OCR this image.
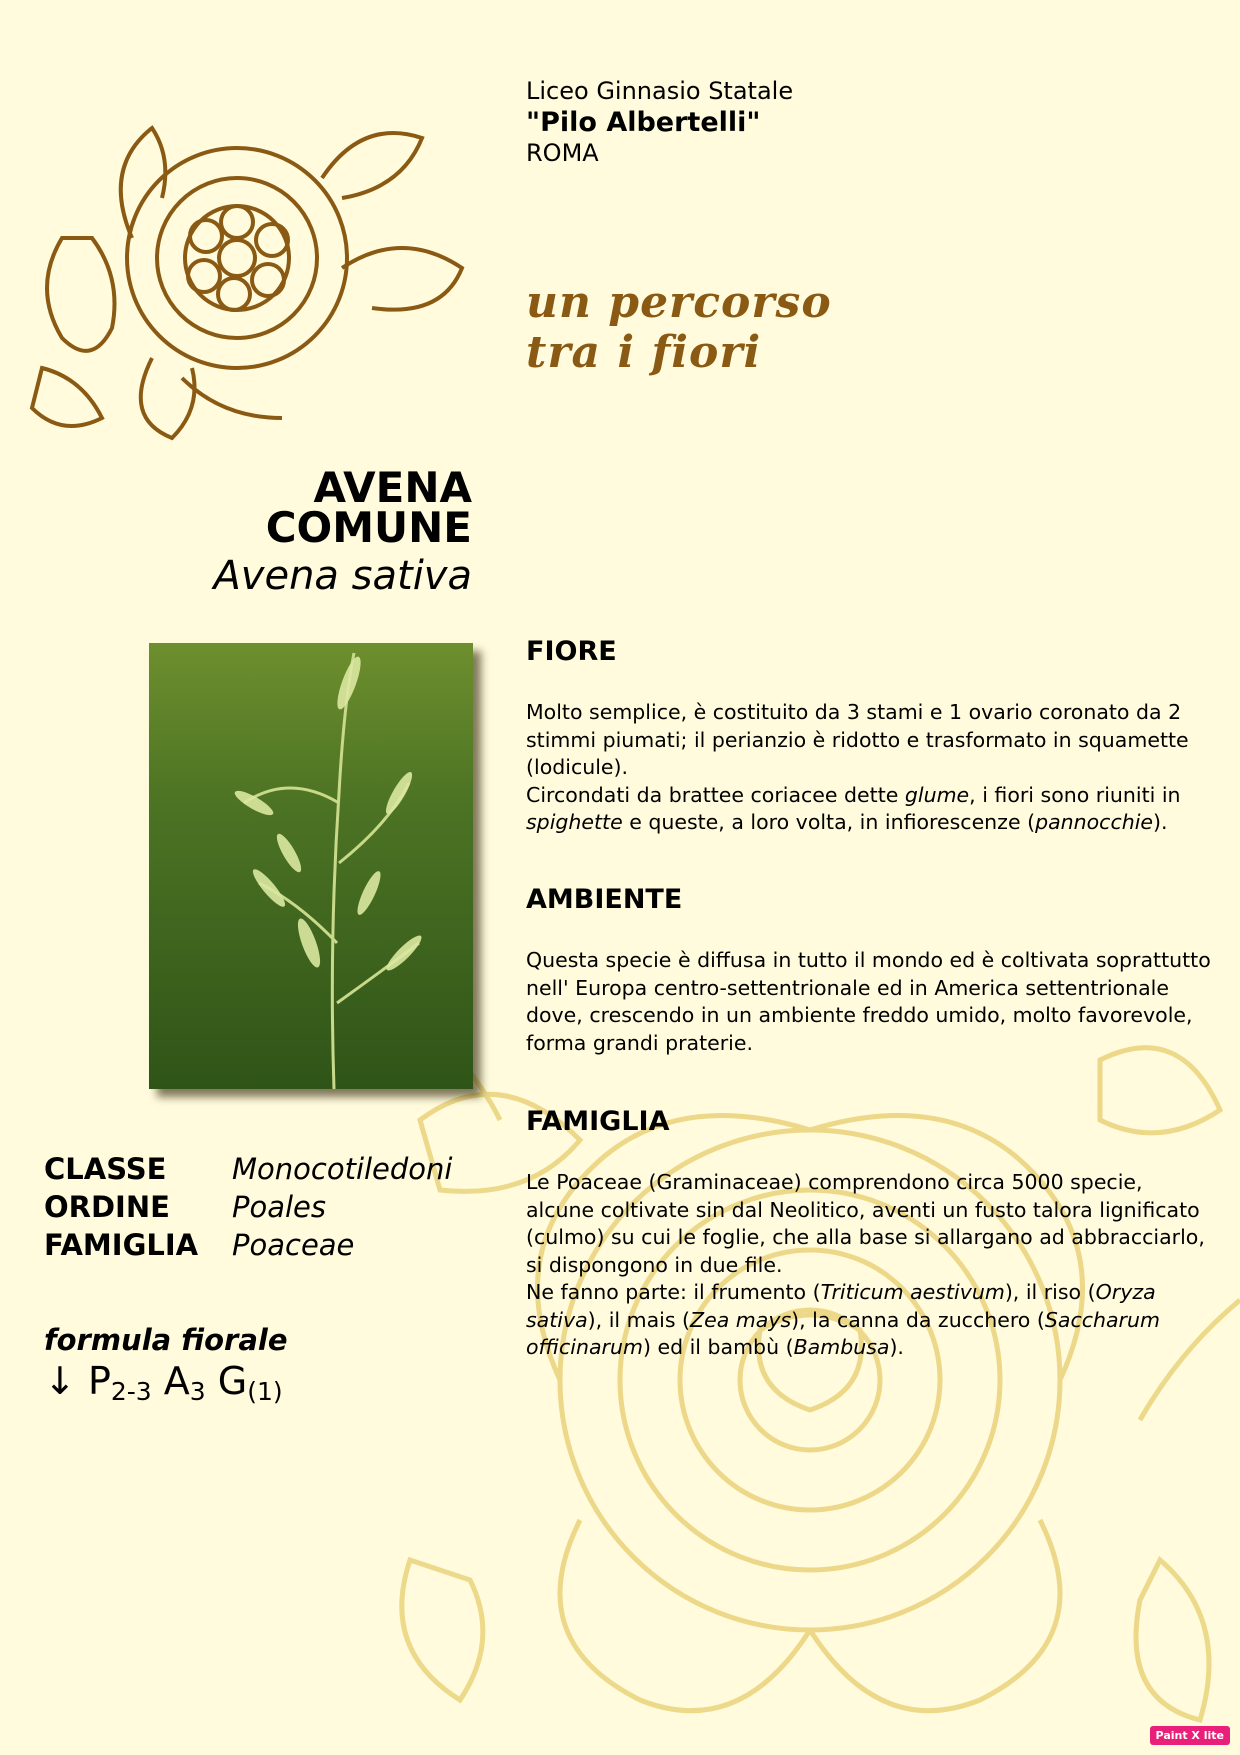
Liceo Ginnasio Statale
"Pilo Albertelli"
ROMA
un percorso
tra i fiori
AVENA
COMUNE
Avena sativa
FIORE

Molto semplice, è costituito da 3 stami e 1 ovario coronato da 2 stimmi piumati; il perianzio è ridotto e trasformato in squamette (lodicule).

Circondati da brattee coriacee dette glume, i fiori sono riuniti in spighette e queste, a loro volta, in infiorescenze (pannocchie).

AMBIENTE

Questa specie è diffusa in tutto il mondo ed è coltivata soprattutto nell' Europa centro-settentrionale ed in America settentrionale dove, crescendo in un ambiente freddo umido, molto favorevole, forma grandi praterie.

FAMIGLIA

Le Poaceae (Graminaceae) comprendono circa 5000 specie, alcune coltivate sin dal Neolitico, aventi un fusto talora lignificato (culmo) su cui le foglie, che alla base si allargano ad abbracciarlo, si dispongono in due file.

Ne fanno parte: il frumento (Triticum aestivum), il riso (Oryza sativa), il mais (Zea mays), la canna da zucchero (Saccharum officinarum) ed il bambù (Bambusa).

CLASSE	Monocotiledoni
ORDINE	Poales
FAMIGLIA	Poaceae
formula fiorale
↓ $P_{2-3}$ $A_3$ $G_{(1)}$
Paint X lite
